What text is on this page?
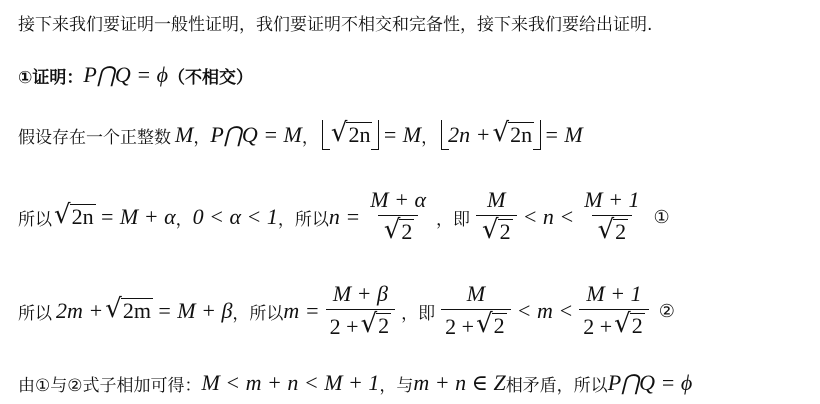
接下来我们要证明一般性证明，我们要证明不相交和完备性，接下来我们要给出证明.
①证明： P⋂Q = ϕ （不相交）
假设存在一个正整数 M ， P⋂Q = M ， √ 2n = M ， 2n + √ 2n = M
所以 √ 2n = M + α ， 0 < α < 1 ，所以 $n = \frac{M + \alpha}{√ 2}$ ， 即 $\frac{M}{√ 2} < n < \frac{M + 1}{√ 2}$ ①
所以 2m + √ 2m = M + β ，所以 $m = \frac{M + \beta}{2 + √ 2}$ ， 即 $\frac{M}{2 + √ 2} < m < \frac{M + 1}{2 + √ 2}$ ②
由①与②式子相加可得： M < m + n < M + 1 ，与 m + n ∈ Z 相矛盾，所以 P⋂Q = ϕ
